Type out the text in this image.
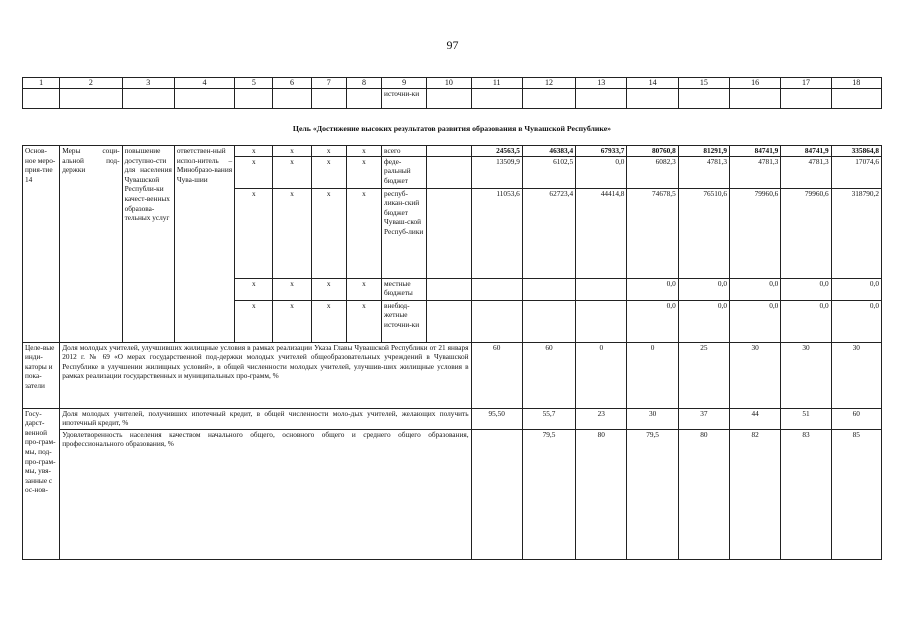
97
1	2	3	4	5	6	7	8	9	10	11	12	13	14	15	16	17	18
								источни-ки									

Цель «Достижение высоких результатов развития образования в Чувашской Республике»																	

Основ-ное меро-прия-тие 14	Меры соци-альной под-держки	повышение доступно-сти для населения Чувашской Республи-ки качест-венных образова-тельных услуг	ответствен-ный испол-нитель – Минобразо-вания Чува-шии	x	x	x	x	всего		24563,5	46383,4	67933,7	80760,8	81291,9	84741,9	84741,9	335864,8
				x	x	x	x	феде-ральный бюджет		13509,9	6102,5	0,0	6082,3	4781,3	4781,3	4781,3	17074,6
				x	x	x	x	респуб-ликан-ский бюджет Чуваш-ской Респуб-лики		11053,6	62723,4	44414,8	74678,5	76510,6	79960,6	79960,6	318790,2
				x	x	x	x	местные бюджеты					0,0	0,0	0,0	0,0	0,0
				x	x	x	x	внебюд-жетные источни-ки					0,0	0,0	0,0	0,0	0,0
Целе-вые инди-каторы и пока-затели	Доля молодых учителей, улучшивших жилищные условия в рамках реализации Указа Главы Чувашской Республики от 21 января 2012 г. № 69 «О мерах государственной под-держки молодых учителей общеобразовательных учреждений в Чувашской Республике в улучшении жилищных условий», в общей численности молодых учителей, улучшив-ших жилищные условия в рамках реализации государственных и муниципальных про-грамм, %									60	60	0	0	25	30	30	30
Госу-дарст-венной про-грам-мы, под-про-грам-мы, увя-занные с ос-нов-	Доля молодых учителей, получивших ипотечный кредит, в общей численности моло-дых учителей, желающих получить ипотечный кредит, %									95,50	55,7	23	30	37	44	51	60
	Удовлетворенность населения качеством начального общего, основного общего и среднего общего образования, профессионального образования, %										79,5	80	79,5	80	82	83	85
